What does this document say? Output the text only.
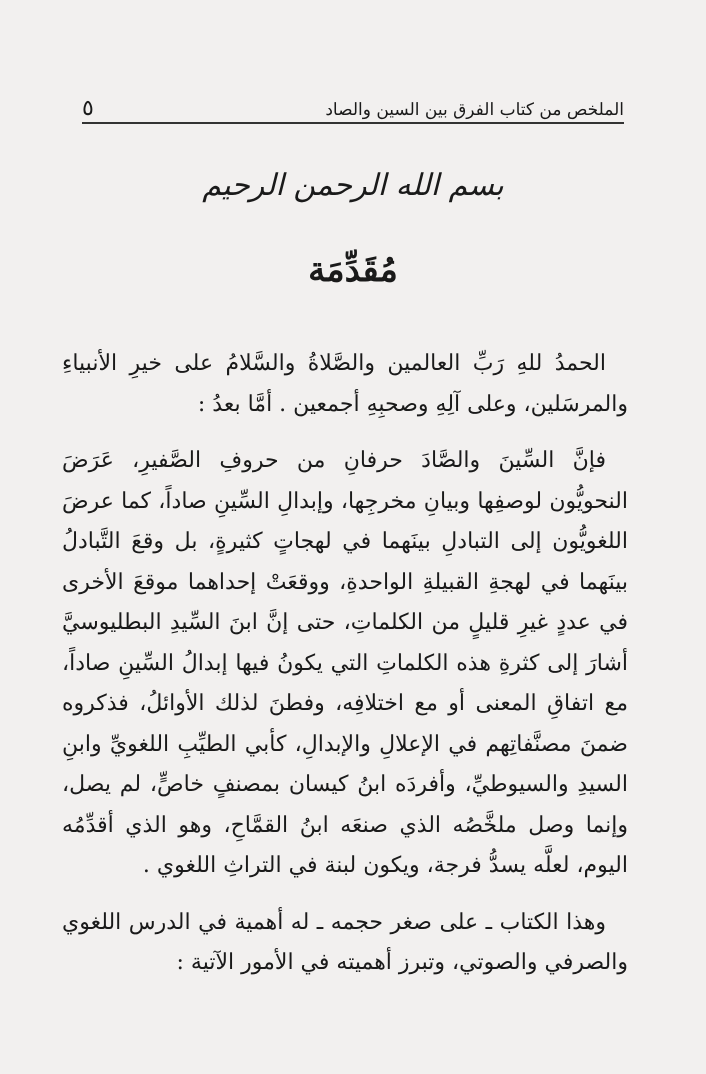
الملخص من كتاب الفرق بين السين والصاد
٥
بسم الله الرحمن الرحيم
مُقَدِّمَة

الحمدُ للهِ رَبِّ العالمين والصَّلاةُ والسَّلامُ على خيرِ الأنبياءِ والمرسَلين، وعلى آلِهِ وصحبِهِ أجمعين . أمَّا بعدُ :

فإنَّ السِّينَ والصَّادَ حرفانِ من حروفِ الصَّفيرِ، عَرَضَ النحويُّون لوصفِها وبيانِ مخرجِها، وإبدالِ السِّينِ صاداً، كما عرضَ اللغويُّون إلى التبادلِ بينَهما في لهجاتٍ كثيرةٍ، بل وقعَ التَّبادلُ بينَهما في لهجةِ القبيلةِ الواحدةِ، ووقعَتْ إحداهما موقعَ الأخرى في عددٍ غيرِ قليلٍ من الكلماتِ، حتى إنَّ ابنَ السِّيدِ البطليوسيَّ أشارَ إلى كثرةِ هذه الكلماتِ التي يكونُ فيها إبدالُ السِّينِ صاداً، مع اتفاقِ المعنى أو مع اختلافِه، وفطنَ لذلك الأوائلُ، فذكروه ضمنَ مصنَّفاتِهم في الإعلالِ والإبدالِ، كأبي الطيِّبِ اللغويِّ وابنِ السيدِ والسيوطيِّ، وأفردَه ابنُ كيسان بمصنفٍ خاصٍّ، لم يصل، وإنما وصل ملخَّصُه الذي صنعَه ابنُ القمَّاحِ، وهو الذي أقدِّمُه اليوم، لعلَّه يسدُّ فرجة، ويكون لبنة في التراثِ اللغوي .

وهذا الكتاب ـ على صغر حجمه ـ له أهمية في الدرس اللغوي والصرفي والصوتي، وتبرز أهميته في الأمور الآتية :
